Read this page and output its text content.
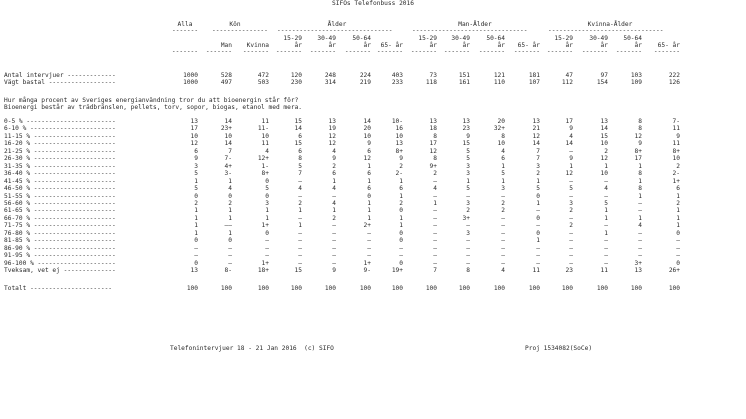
SIFOs Telefonbuss 2016
Alla	Kön	Ålder	Man-Ålder	Kvinna-Ålder
------- --------------- -------------------------------	-------------------------------	-------------------------------
15-29	30-49	50-64	15-29	30-49	50-64	15-29	30-49	50-64
Man	Kvinna	år	år	år	65- år	år	år	år	65- år	år	år	år	65- år
-------	-------	-------	-------	-------	------- -------	-------	-------	-------	-------	-------	-------	-------	-------
Antal intervjuer -------------	1000	528	472	120	248	224	403	73	151	121	181	47	97	103	222
Vägt bastal ------------------	1000	497	503	230	314	219	233	118	161	110	107	112	154	109	126
Hur många procent av Sveriges energianvändning tror du att bioenergin står för?
Bioenergi består av trädbränslen, pellets, torv, sopor, biogas, etanol med mera.
0-5 % ------------------------	13	14	11	15	13	14	10-	13	13	20	13	17	13	8	7-
6-10 % -----------------------	17	23+	11-	14	19	20	16	18	23	32+	21	9	14	8	11
11-15 % ----------------------	10	10	10	6	12	10	10	8	9	8	12	4	15	12	9
16-20 % ----------------------	12	14	11	15	12	9	13	17	15	10	14	14	10	9	11
21-25 % ----------------------	6	7	4	6	4	6	8+	12	5	4	7	–	2	8+	8+
26-30 % ----------------------	9	7-	12+	8	9	12	9	8	5	6	7	9	12	17	10
31-35 % ----------------------	3	4+	1-	5	2	1	2	9+	3	1	3	1	1	1	2
36-40 % ----------------------	5	3-	8+	7	6	6	2-	2	3	5	2	12	10	8	2-
41-45 % ----------------------	1	1	0	–	1	1	1	–	1	1	1	–	–	1	1+
46-50 % ----------------------	5	4	5	4	4	6	6	4	5	3	5	5	4	8	6
51-55 % ----------------------	0	0	0	–	–	0	1	–	–	–	0	–	–	1	1
56-60 % ----------------------	2	2	3	2	4	1	2	1	3	2	1	3	5	–	2
61-65 % ----------------------	1	1	1	1	1	1	0	–	2	2	–	2	1	–	1
66-70 % ----------------------	1	1	1	–	2	1	1	–	3+	–	0	–	1	1	1
71-75 % ----------------------	1	––	1+	1	–	2+	1	–	–	–	–	2	–	4	1
76-80 % ----------------------	1	1	0	–	–	–	0	–	3	–	0	–	1	–	0
81-85 % ----------------------	0	0	–	–	–	–	0	–	–	–	1	–	–	–	–
86-90 % ----------------------	–	–	–	–	–	–	–	–	–	–	–	–	–	–	–
91-95 % ----------------------	–	–	–	–	–	–	–	–	–	–	–	–	–	–	–
96-100 % ---------------------	0	–	1+	–	–	1+	0	–	–	–	–	–	–	3+	0
Tveksam, vet ej --------------	13	8-	18+	15	9	9-	19+	7	8	4	11	23	11	13	26+
Totalt ----------------------	100	100	100	100	100	100	100	100	100	100	100	100	100	100	100
Telefonintervjuer 18 - 21 Jan 2016  (c) SIFO	Proj 1534082(SoCe)
